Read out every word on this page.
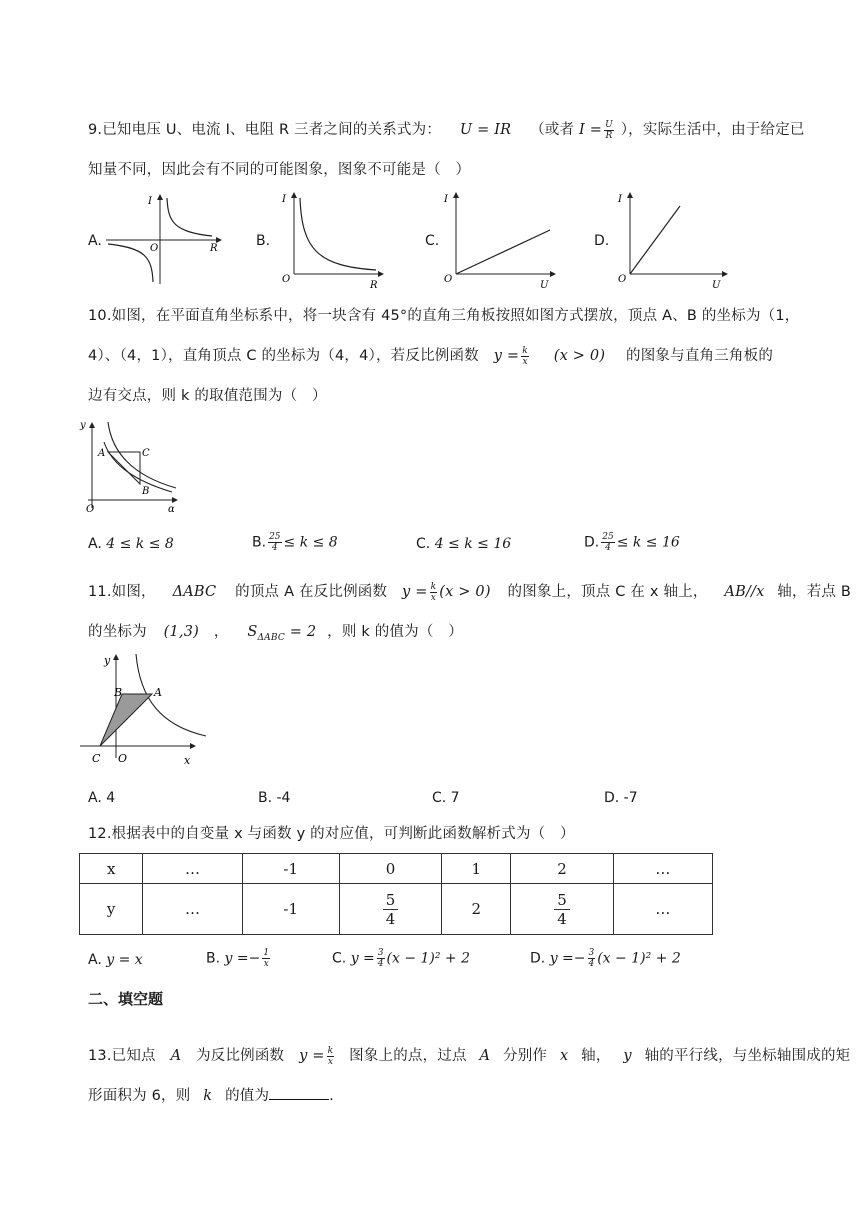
9.已知电压 U、电流 I、电阻 R 三者之间的关系式为： U = IR （或者 $I = \frac{U}{R}$ ），实际生活中，由于给定已
知量不同，因此会有不同的可能图象，图象不可能是（　）
A.
I
O	R	B.
I
O
R
C.
I
O
U
D.
I
O
U
10.如图，在平面直角坐标系中，将一块含有 45°的直角三角板按照如图方式摆放，顶点 A、B 的坐标为（1，
4）、（4，1），直角顶点 C 的坐标为（4，4），若反比例函数 $y = \frac{k}{x} (x > 0)$ 的图象与直角三角板的
边有交点，则 k 的取值范围为（　）
y
A	C
B
O	α
A. 4 ≤ k ≤ 8	B. $\frac{25}{4} \le k \le 8$	C. 4 ≤ k ≤ 16	D. $\frac{25}{4} \le k \le 16$
11.如图， ΔABC 的顶点 A 在反比例函数 $y = \frac{k}{x} (x > 0)$ 的图象上，顶点 C 在 x 轴上， AB//x 轴，若点 B
的坐标为 (1,3) ， $S_{\Delta ABC} = 2$ ，则 k 的值为（　）
y
B	A
C O	x
A. 4	B. -4	C. 7	D. -7
12.根据表中的自变量 x 与函数 y 的对应值，可判断此函数解析式为（　）
x	…	-1	0	1	2	…
y	…	-1	$\frac{5}{4}$	2	$\frac{5}{4}$	…
A. y = x	B. $y =- \frac{1}{x}$	C. $y = \frac{3}{4} (x - 1)^2 + 2$	D. $y =- \frac{3}{4} (x - 1)^2 + 2$
二、填空题
13.已知点 A 为反比例函数 $y = \frac{k}{x}$ 图象上的点，过点 A 分别作 x 轴， y 轴的平行线，与坐标轴围成的矩
形面积为 6，则 k 的值为	.
